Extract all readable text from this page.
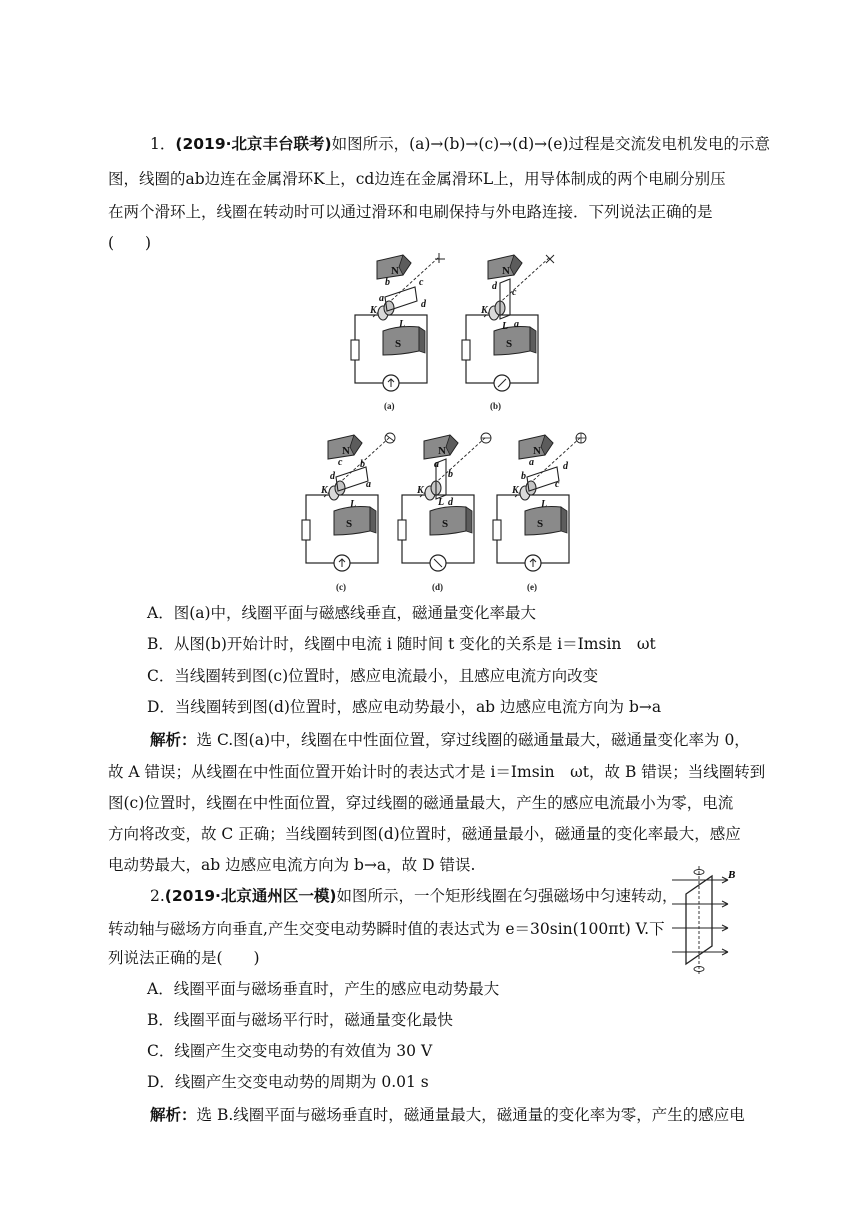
1．(2019·北京丰台联考)如图所示，(a)→(b)→(c)→(d)→(e)过程是交流发电机发电的示意
图，线圈的ab边连在金属滑环K上，cd边连在金属滑环L上，用导体制成的两个电刷分别压
在两个滑环上，线圈在转动时可以通过滑环和电刷保持与外电路连接．下列说法正确的是
(　　)
N
S
b	c
a
d
K
L
(a)
N
S
d
c
K
L a
(b)
N
S
c
d
b
a
K
L
(c)
N
S
a
b
K
L d
(d)
N
S
a
b
d
c
K
L
(e)
A．图(a)中，线圈平面与磁感线垂直，磁通量变化率最大
B．从图(b)开始计时，线圈中电流 i 随时间 t 变化的关系是 i＝Imsin　ωt
C．当线圈转到图(c)位置时，感应电流最小，且感应电流方向改变
D．当线圈转到图(d)位置时，感应电动势最小，ab 边感应电流方向为 b→a
解析：选 C.图(a)中，线圈在中性面位置，穿过线圈的磁通量最大，磁通量变化率为 0，
故 A 错误；从线圈在中性面位置开始计时的表达式才是 i＝Imsin　ωt，故 B 错误；当线圈转到
图(c)位置时，线圈在中性面位置，穿过线圈的磁通量最大，产生的感应电流最小为零，电流
方向将改变，故 C 正确；当线圈转到图(d)位置时，磁通量最小，磁通量的变化率最大，感应
电动势最大，ab 边感应电流方向为 b→a，故 D 错误.
2.(2019·北京通州区一模)如图所示，一个矩形线圈在匀强磁场中匀速转动，
转动轴与磁场方向垂直,产生交变电动势瞬时值的表达式为 e＝30sin(100πt) V.下
列说法正确的是(　　)
B
A．线圈平面与磁场垂直时，产生的感应电动势最大
B．线圈平面与磁场平行时，磁通量变化最快
C．线圈产生交变电动势的有效值为 30 V
D．线圈产生交变电动势的周期为 0.01 s
解析：选 B.线圈平面与磁场垂直时，磁通量最大，磁通量的变化率为零，产生的感应电
